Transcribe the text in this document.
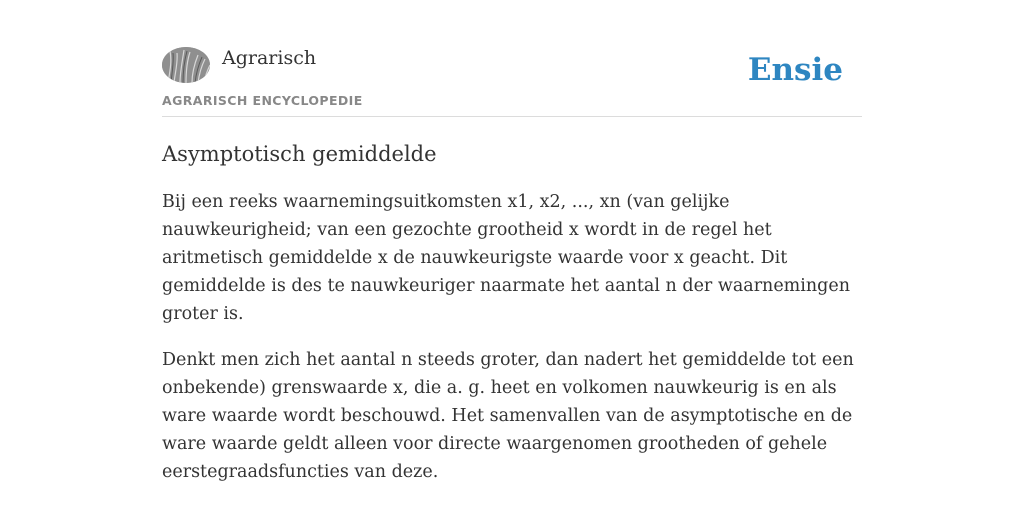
Agrarisch

AGRARISCH ENCYCLOPEDIE

Ensie
Asymptotisch gemiddelde

Bij een reeks waarnemingsuitkomsten x1, x2, ..., xn (van gelijke nauwkeurigheid; van een gezochte grootheid x wordt in de regel het aritmetisch gemiddelde x de nauwkeurigste waarde voor x geacht. Dit gemiddelde is des te nauwkeuriger naarmate het aantal n der waarnemingen groter is.

Denkt men zich het aantal n steeds groter, dan nadert het gemiddelde tot een onbekende) grenswaarde x, die a. g. heet en volkomen nauwkeurig is en als ware waarde wordt beschouwd. Het samenvallen van de asymptotische en de ware waarde geldt alleen voor directe waargenomen grootheden of gehele eerstegraadsfuncties van deze.
